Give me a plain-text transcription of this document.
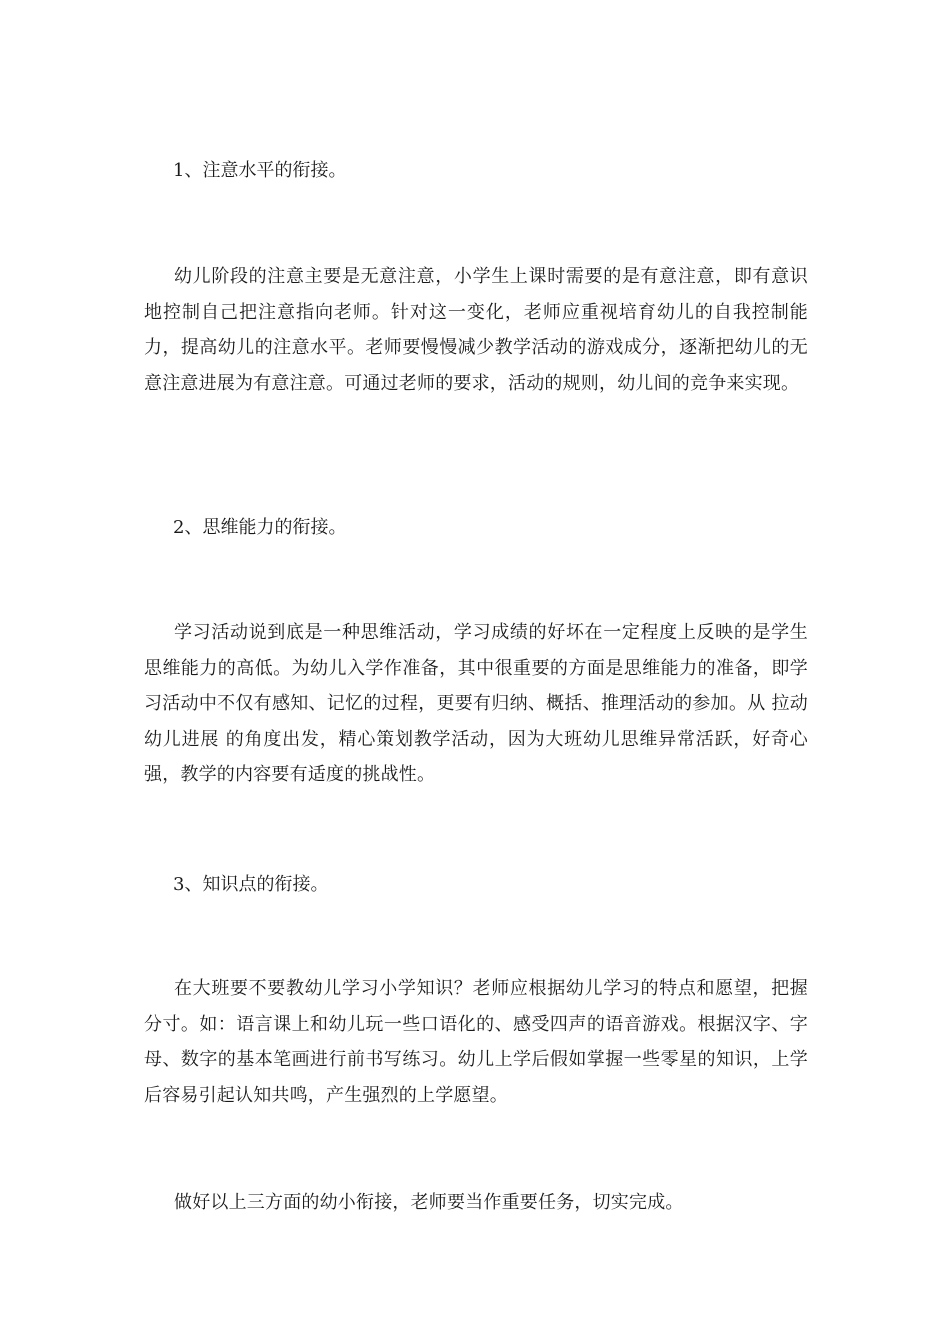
1、注意水平的衔接。
幼儿阶段的注意主要是无意注意，小学生上课时需要的是有意注意，即有意识地控制自己把注意指向老师。针对这一变化，老师应重视培育幼儿的自我控制能力，提高幼儿的注意水平。老师要慢慢减少教学活动的游戏成分，逐渐把幼儿的无意注意进展为有意注意。可通过老师的要求，活动的规则，幼儿间的竞争来实现。
2、思维能力的衔接。
学习活动说到底是一种思维活动，学习成绩的好坏在一定程度上反映的是学生思维能力的高低。为幼儿入学作准备，其中很重要的方面是思维能力的准备，即学习活动中不仅有感知、记忆的过程，更要有归纳、概括、推理活动的参加。从 拉动幼儿进展 的角度出发，精心策划教学活动，因为大班幼儿思维异常活跃，好奇心强，教学的内容要有适度的挑战性。
3、知识点的衔接。
在大班要不要教幼儿学习小学知识？老师应根据幼儿学习的特点和愿望，把握分寸。如：语言课上和幼儿玩一些口语化的、感受四声的语音游戏。根据汉字、字母、数字的基本笔画进行前书写练习。幼儿上学后假如掌握一些零星的知识，上学后容易引起认知共鸣，产生强烈的上学愿望。
做好以上三方面的幼小衔接，老师要当作重要任务，切实完成。
